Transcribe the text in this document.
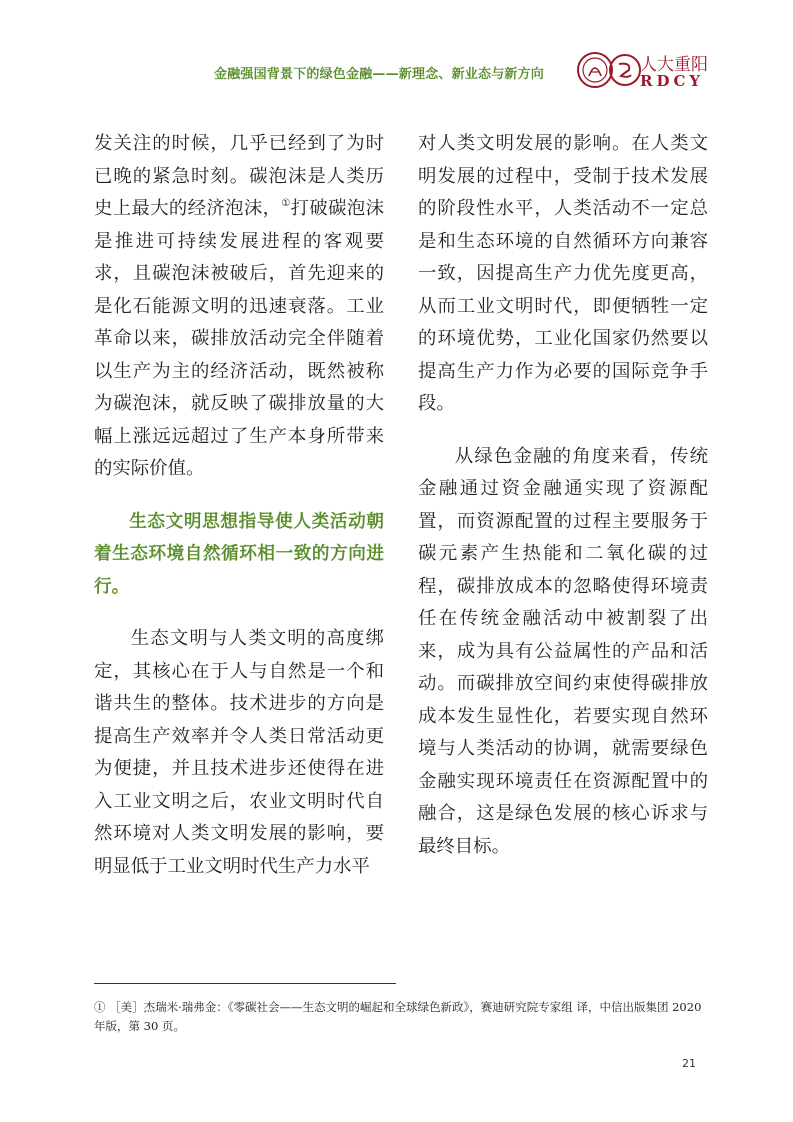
金融强国背景下的绿色金融——新理念、新业态与新方向	人大重阳
RDCY

发关注的时候，几乎已经到了为时已晚的紧急时刻。碳泡沫是人类历史上最大的经济泡沫，①打破碳泡沫是推进可持续发展进程的客观要求，且碳泡沫被破后，首先迎来的是化石能源文明的迅速衰落。工业革命以来，碳排放活动完全伴随着以生产为主的经济活动，既然被称为碳泡沫，就反映了碳排放量的大幅上涨远远超过了生产本身所带来的实际价值。

生态文明思想指导使人类活动朝着生态环境自然循环相一致的方向进行。

生态文明与人类文明的高度绑定，其核心在于人与自然是一个和谐共生的整体。技术进步的方向是提高生产效率并令人类日常活动更为便捷，并且技术进步还使得在进入工业文明之后，农业文明时代自然环境对人类文明发展的影响，要明显低于工业文明时代生产力水平

对人类文明发展的影响。在人类文明发展的过程中，受制于技术发展的阶段性水平，人类活动不一定总是和生态环境的自然循环方向兼容一致，因提高生产力优先度更高，从而工业文明时代，即便牺牲一定的环境优势，工业化国家仍然要以提高生产力作为必要的国际竞争手段。

从绿色金融的角度来看，传统金融通过资金融通实现了资源配置，而资源配置的过程主要服务于碳元素产生热能和二氧化碳的过程，碳排放成本的忽略使得环境责任在传统金融活动中被割裂了出来，成为具有公益属性的产品和活动。而碳排放空间约束使得碳排放成本发生显性化，若要实现自然环境与人类活动的协调，就需要绿色金融实现环境责任在资源配置中的融合，这是绿色发展的核心诉求与最终目标。

① ［美］杰瑞米·瑞弗金：《零碳社会——生态文明的崛起和全球绿色新政》，赛迪研究院专家组 译，中信出版集团 2020 年版，第 30 页。
21
